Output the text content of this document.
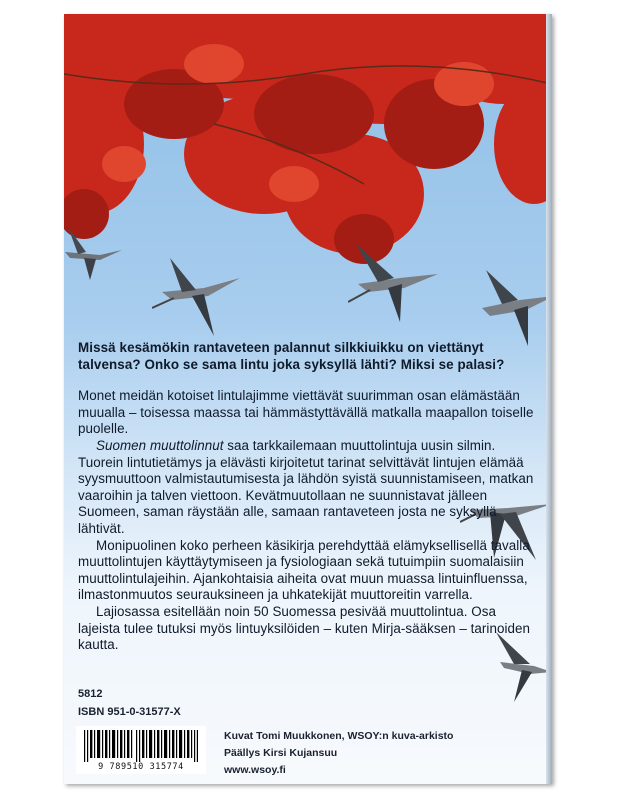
Missä kesämökin rantaveteen palannut silkkiuikku on viettänyt talvensa? Onko se sama lintu joka syksyllä lähti? Miksi se palasi?

Monet meidän kotoiset lintulajimme viettävät suurimman osan elämästään muualla – toisessa maassa tai hämmästyttävällä matkalla maapallon toiselle puolelle.

Suomen muuttolinnut saa tarkkailemaan muuttolintuja uusin silmin. Tuorein lintutietämys ja elävästi kirjoitetut tarinat selvittävät lintujen elämää syysmuuttoon valmistautumisesta ja lähdön syistä suunnistamiseen, matkan vaaroihin ja talven viettoon. Kevätmuutollaan ne suunnistavat jälleen Suomeen, saman räystään alle, samaan rantaveteen josta ne syksyllä lähtivät.

Monipuolinen koko perheen käsikirja perehdyttää elämyksellisellä tavalla muuttolintujen käyttäytymiseen ja fysiologiaan sekä tutuimpiin suomalaisiin muuttolintulajeihin. Ajankohtaisia aiheita ovat muun muassa lintuinfluenssa, ilmastonmuutos seurauksineen ja uhkatekijät muuttoreitin varrella.

Lajiosassa esitellään noin 50 Suomessa pesivää muuttolintua. Osa lajeista tulee tutuksi myös lintuyksilöiden – kuten Mirja-sääksen – tarinoiden kautta.

5812
ISBN 951-0-31577-X
9 789510 315774
Kuvat Tomi Muukkonen, WSOY:n kuva-arkisto
Päällys Kirsi Kujansuu
www.wsoy.fi
